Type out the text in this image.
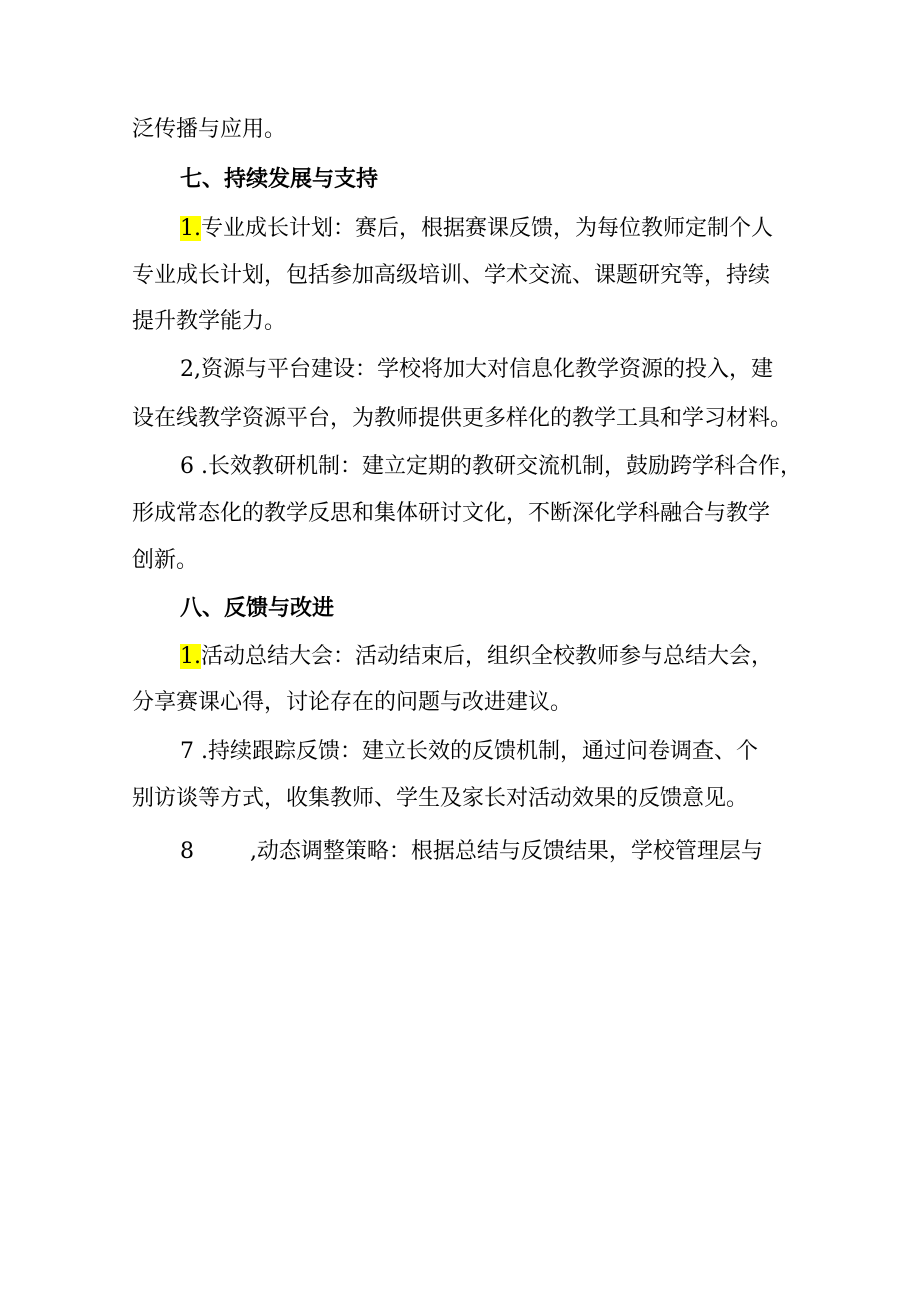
泛传播与应用。
七、持续发展与支持
1.专业成长计划：赛后，根据赛课反馈，为每位教师定制个人
专业成长计划，包括参加高级培训、学术交流、课题研究等，持续
提升教学能力。
2,资源与平台建设：学校将加大对信息化教学资源的投入，建
设在线教学资源平台，为教师提供更多样化的教学工具和学习材料。
6 .长效教研机制：建立定期的教研交流机制，鼓励跨学科合作，
形成常态化的教学反思和集体研讨文化，不断深化学科融合与教学
创新。
八、反馈与改进
1.活动总结大会：活动结束后，组织全校教师参与总结大会，
分享赛课心得，讨论存在的问题与改进建议。
7 .持续跟踪反馈：建立长效的反馈机制，通过问卷调查、个
别访谈等方式，收集教师、学生及家长对活动效果的反馈意见。
8        ,动态调整策略：根据总结与反馈结果，学校管理层与
